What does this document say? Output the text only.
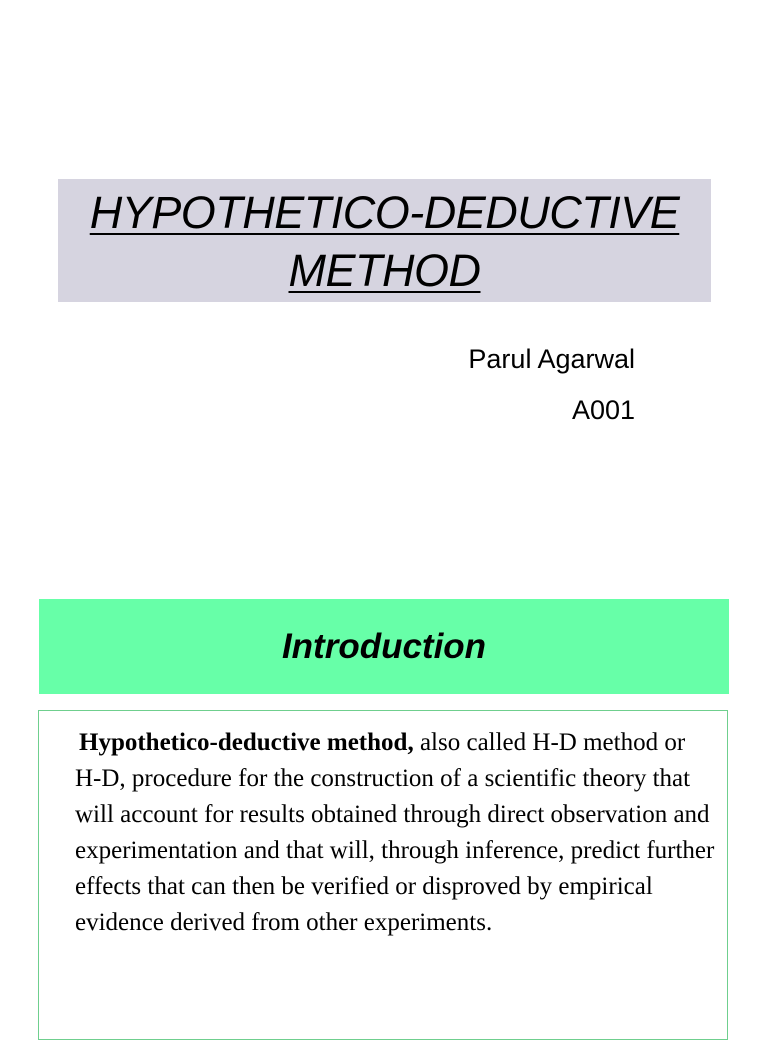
HYPOTHETICO-DEDUCTIVE
METHOD
Parul Agarwal
A001
Introduction

Hypothetico-deductive method, also called H-D method or H-D, procedure for the construction of a scientific theory that will account for results obtained through direct observation and experimentation and that will, through inference, predict further effects that can then be verified or disproved by empirical evidence derived from other experiments.
